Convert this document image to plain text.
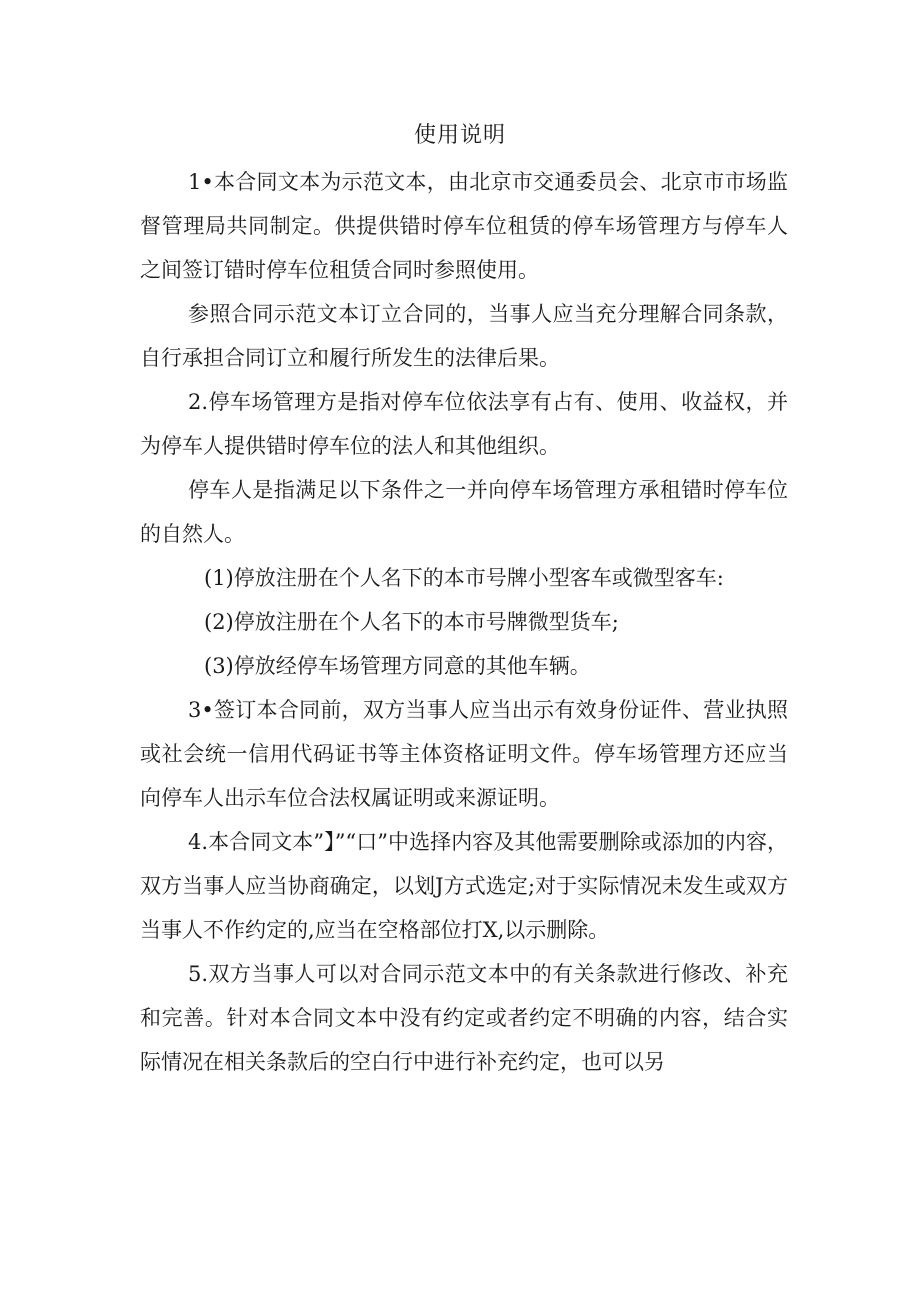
使用说明

1•本合同文本为示范文本，由北京市交通委员会、北京市市场监督管理局共同制定。供提供错时停车位租赁的停车场管理方与停车人之间签订错时停车位租赁合同时参照使用。

参照合同示范文本订立合同的，当事人应当充分理解合同条款，自行承担合同订立和履行所发生的法律后果。

2.停车场管理方是指对停车位依法享有占有、使用、收益权，并为停车人提供错时停车位的法人和其他组织。

停车人是指满足以下条件之一并向停车场管理方承租错时停车位的自然人。

(1)停放注册在个人名下的本市号牌小型客车或微型客车:

(2)停放注册在个人名下的本市号牌微型货车;

(3)停放经停车场管理方同意的其他车辆。

3•签订本合同前，双方当事人应当出示有效身份证件、营业执照或社会统一信用代码证书等主体资格证明文件。停车场管理方还应当向停车人出示车位合法权属证明或来源证明。

4.本合同文本”】”“口”中选择内容及其他需要删除或添加的内容，双方当事人应当协商确定，以划J方式选定;对于实际情况未发生或双方当事人不作约定的,应当在空格部位打X,以示删除。

5.双方当事人可以对合同示范文本中的有关条款进行修改、补充和完善。针对本合同文本中没有约定或者约定不明确的内容，结合实际情况在相关条款后的空白行中进行补充约定，也可以另
